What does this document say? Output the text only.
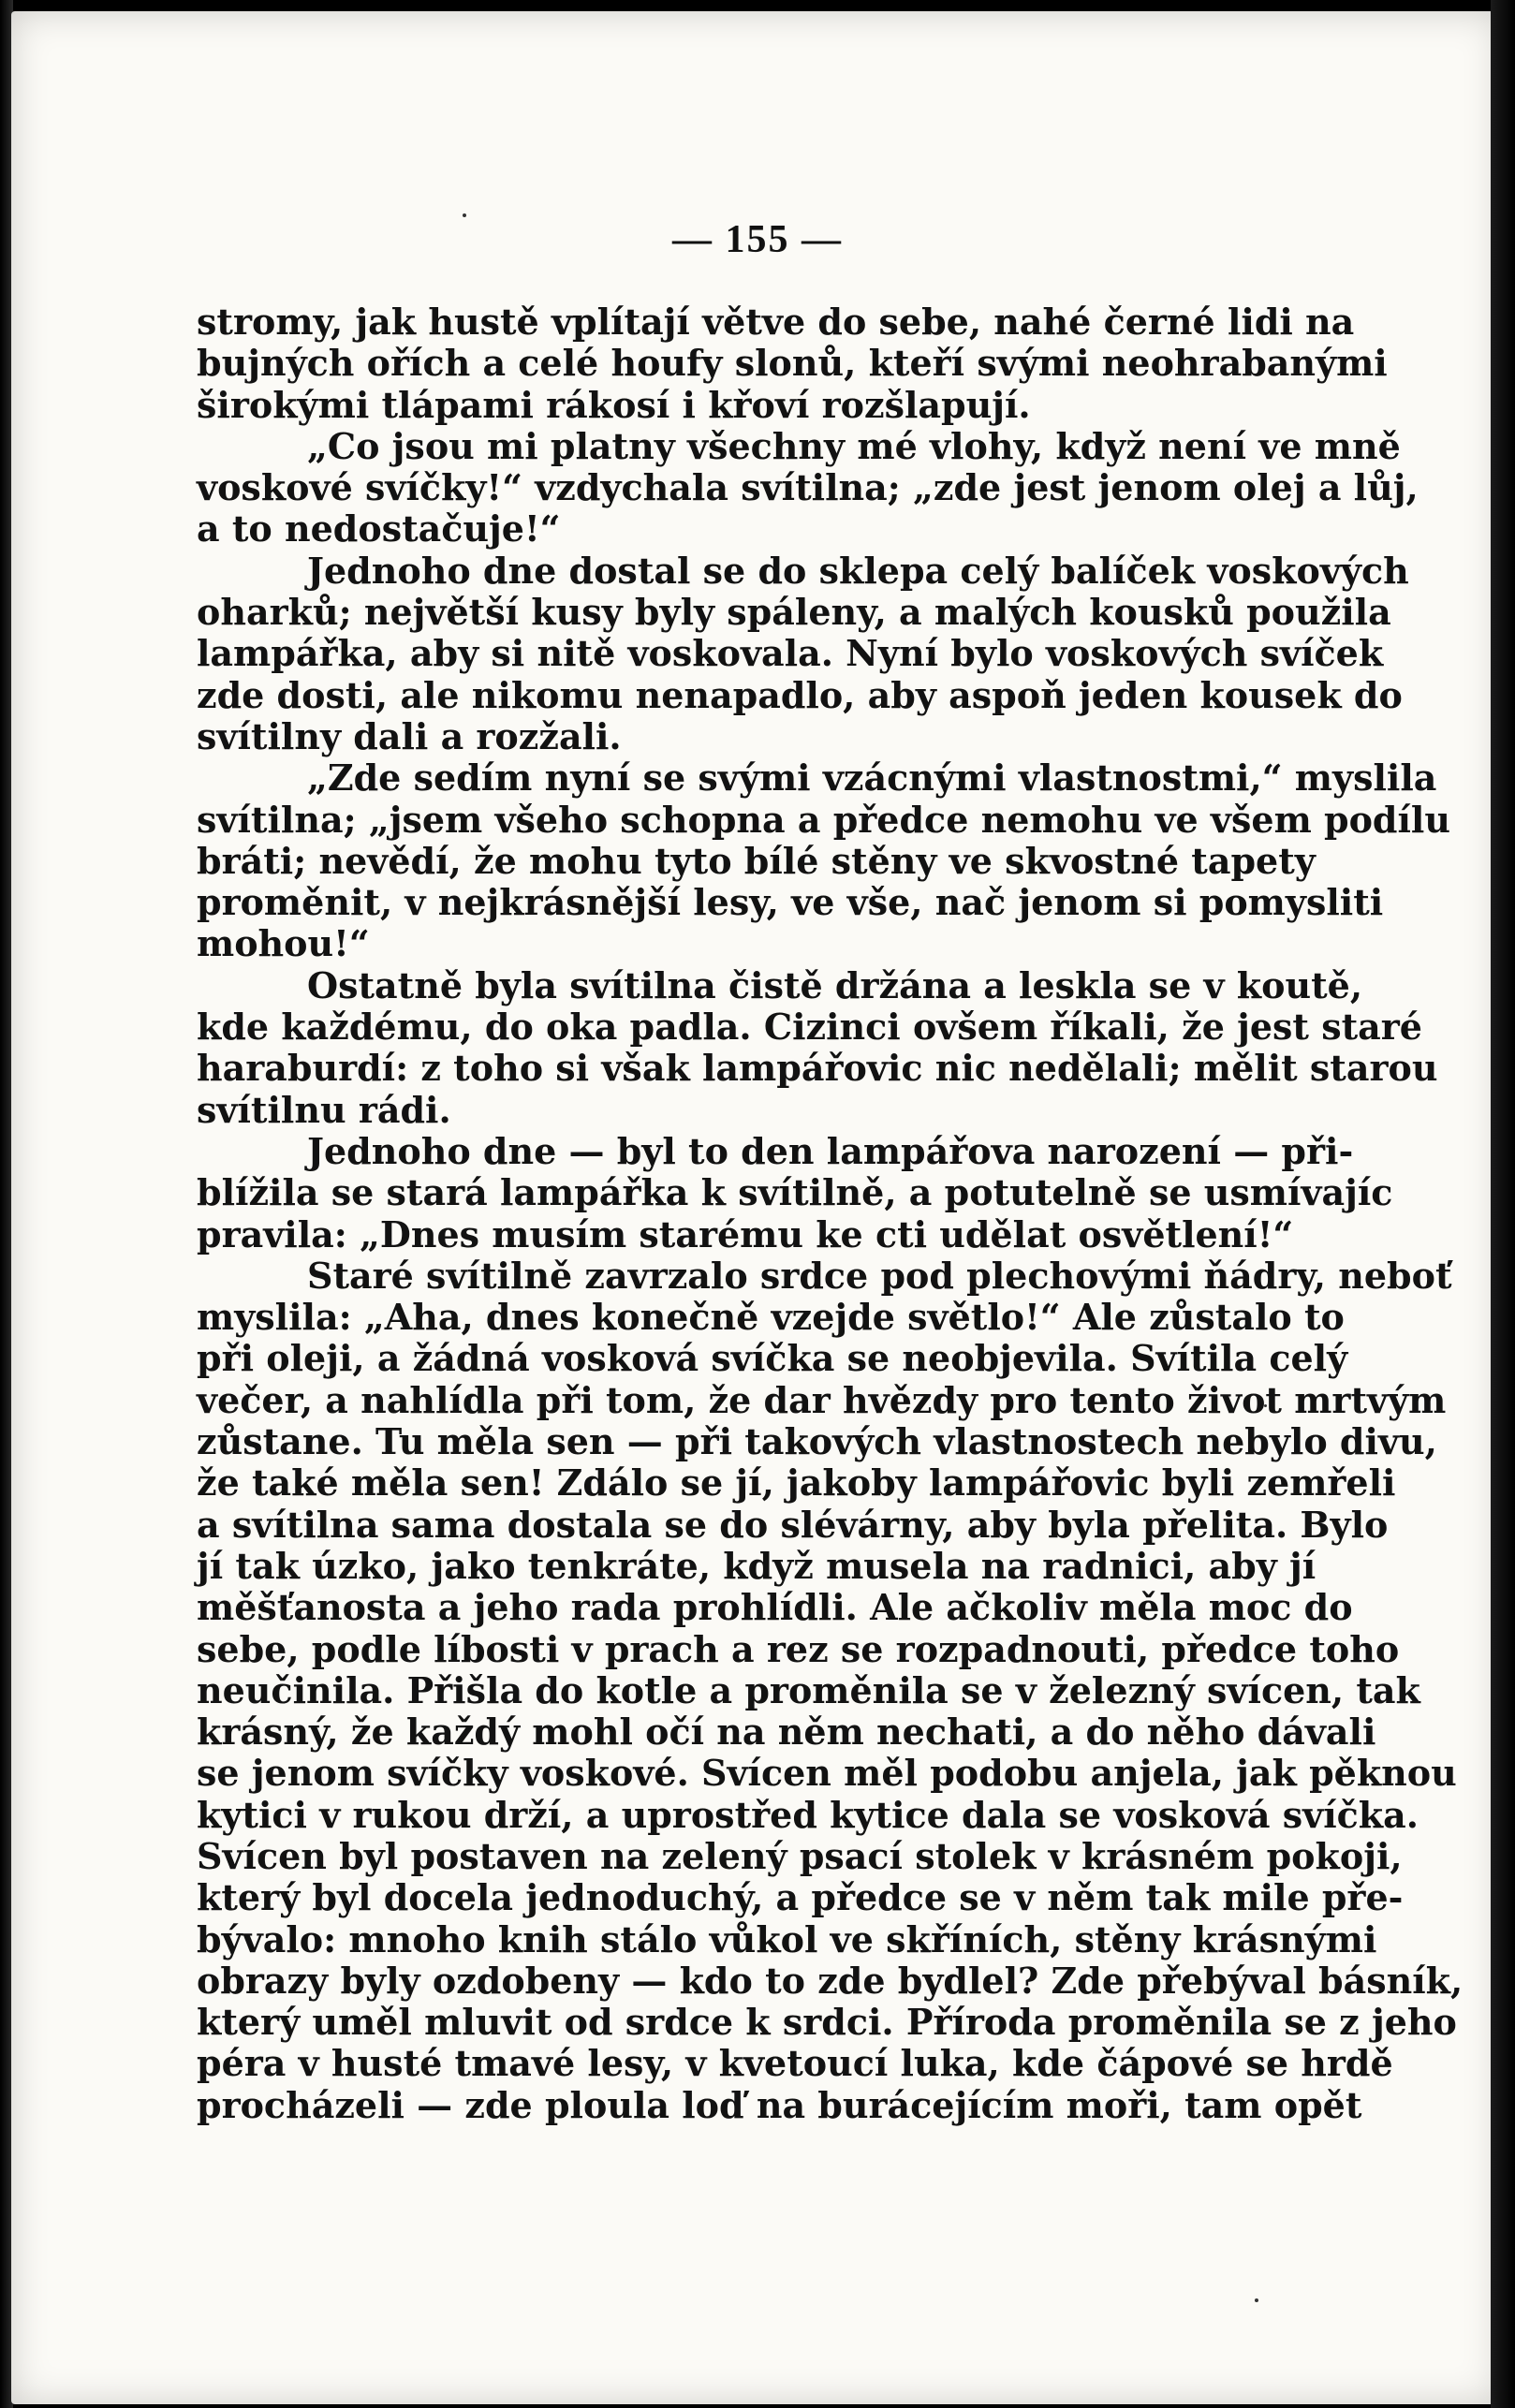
— 155 —
stromy, jak hustě vplítají větve do sebe, nahé černé lidi na
bujných ořích a celé houfy slonů, kteří svými neohrabanými
širokými tlápami rákosí i křoví rozšlapují.
„Co jsou mi platny všechny mé vlohy, když není ve mně
voskové svíčky!“ vzdychala svítilna; „zde jest jenom olej a lůj,
a to nedostačuje!“
Jednoho dne dostal se do sklepa celý balíček voskových
oharků; největší kusy byly spáleny, a malých kousků použila
lampářka, aby si nitě voskovala. Nyní bylo voskových svíček
zde dosti, ale nikomu nenapadlo, aby aspoň jeden kousek do
svítilny dali a rozžali.
„Zde sedím nyní se svými vzácnými vlastnostmi,“ myslila
svítilna; „jsem všeho schopna a předce nemohu ve všem podílu
bráti; nevědí, že mohu tyto bílé stěny ve skvostné tapety
proměnit, v nejkrásnější lesy, ve vše, nač jenom si pomysliti
mohou!“
Ostatně byla svítilna čistě držána a leskla se v koutě,
kde každému, do oka padla. Cizinci ovšem říkali, že jest staré
haraburdí: z toho si však lampářovic nic nedělali; mělit starou
svítilnu rádi.
Jednoho dne — byl to den lampářova narození — při-
blížila se stará lampářka k svítilně, a potutelně se usmívajíc
pravila: „Dnes musím starému ke cti udělat osvětlení!“
Staré svítilně zavrzalo srdce pod plechovými ňádry, neboť
myslila: „Aha, dnes konečně vzejde světlo!“ Ale zůstalo to
při oleji, a žádná vosková svíčka se neobjevila. Svítila celý
večer, a nahlídla při tom, že dar hvězdy pro tento život mrtvým
zůstane. Tu měla sen — při takových vlastnostech nebylo divu,
že také měla sen! Zdálo se jí, jakoby lampářovic byli zemřeli
a svítilna sama dostala se do slévárny, aby byla přelita. Bylo
jí tak úzko, jako tenkráte, když musela na radnici, aby jí
měšťanosta a jeho rada prohlídli. Ale ačkoliv měla moc do
sebe, podle líbosti v prach a rez se rozpadnouti, předce toho
neučinila. Přišla do kotle a proměnila se v železný svícen, tak
krásný, že každý mohl očí na něm nechati, a do něho dávali
se jenom svíčky voskové. Svícen měl podobu anjela, jak pěknou
kytici v rukou drží, a uprostřed kytice dala se vosková svíčka.
Svícen byl postaven na zelený psací stolek v krásném pokoji,
který byl docela jednoduchý, a předce se v něm tak mile pře-
bývalo: mnoho knih stálo vůkol ve skříních, stěny krásnými
obrazy byly ozdobeny — kdo to zde bydlel? Zde přebýval básník,
který uměl mluvit od srdce k srdci. Příroda proměnila se z jeho
péra v husté tmavé lesy, v kvetoucí luka, kde čápové se hrdě
procházeli — zde ploula loď na burácejícím moři, tam opět
